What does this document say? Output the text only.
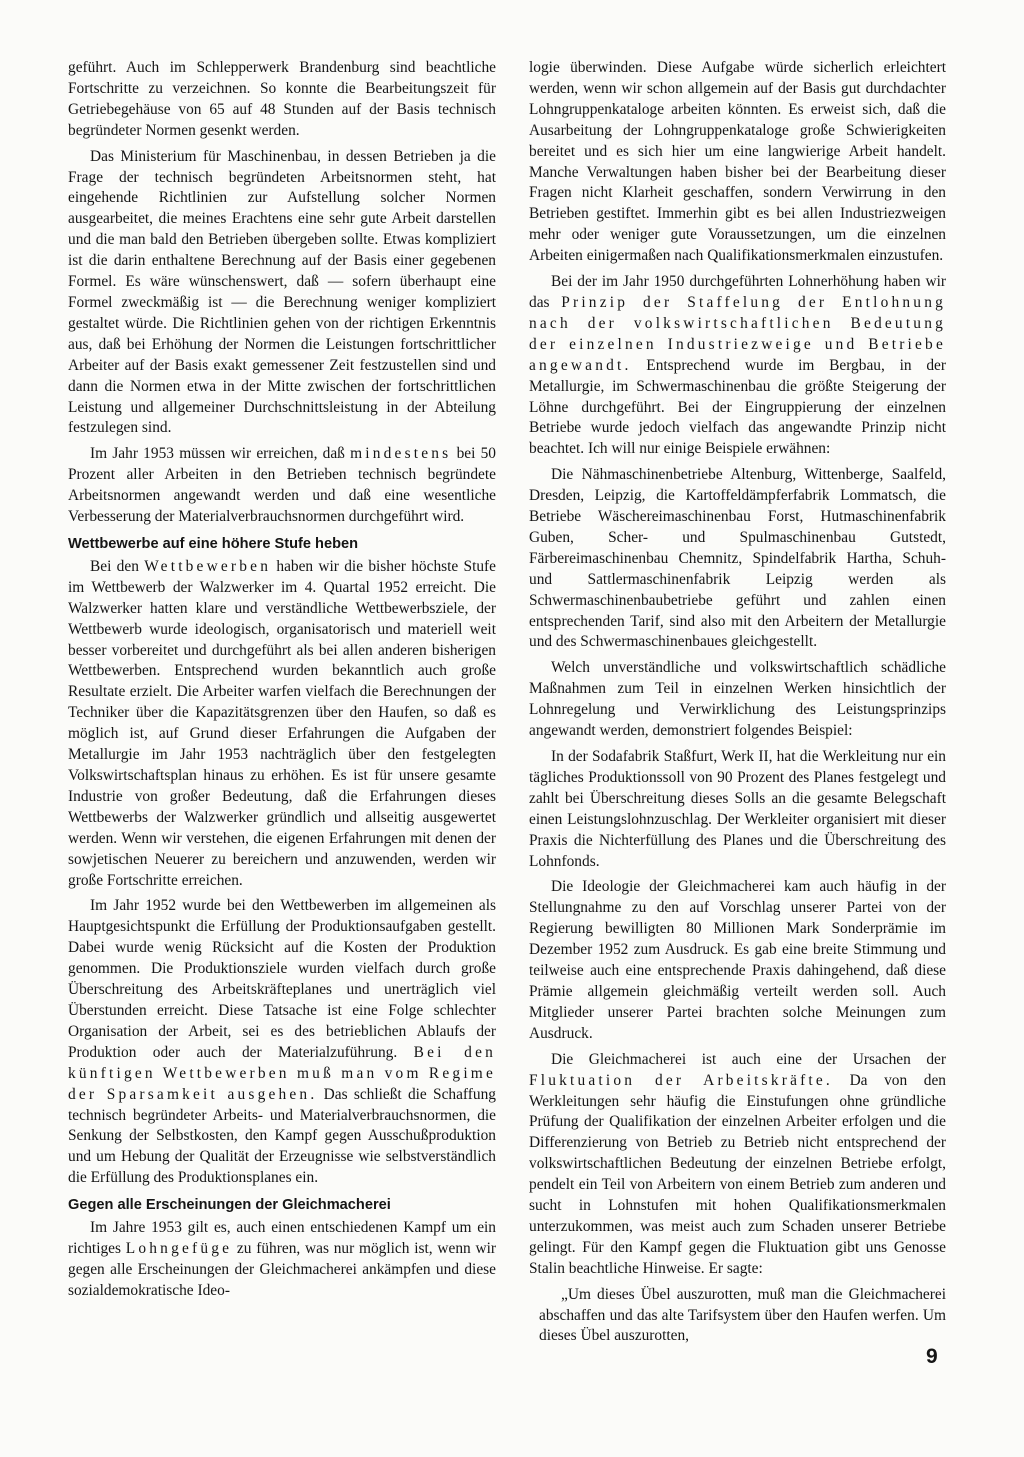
geführt. Auch im Schlepperwerk Brandenburg sind beachtliche Fortschritte zu verzeichnen. So konnte die Bearbeitungszeit für Getriebegehäuse von 65 auf 48 Stunden auf der Basis technisch begründeter Normen gesenkt werden.

Das Ministerium für Maschinenbau, in dessen Betrieben ja die Frage der technisch begründeten Arbeitsnormen steht, hat eingehende Richtlinien zur Aufstellung solcher Normen ausgearbeitet, die meines Erachtens eine sehr gute Arbeit darstellen und die man bald den Betrieben übergeben sollte. Etwas kompliziert ist die darin enthaltene Berechnung auf der Basis einer gegebenen Formel. Es wäre wünschenswert, daß — sofern überhaupt eine Formel zweckmäßig ist — die Berechnung weniger kompliziert gestaltet würde. Die Richtlinien gehen von der richtigen Erkenntnis aus, daß bei Erhöhung der Normen die Leistungen fortschrittlicher Arbeiter auf der Basis exakt gemessener Zeit festzustellen sind und dann die Normen etwa in der Mitte zwischen der fortschrittlichen Leistung und allgemeiner Durchschnittsleistung in der Abteilung festzulegen sind.

Im Jahr 1953 müssen wir erreichen, daß mindestens bei 50 Prozent aller Arbeiten in den Betrieben technisch begründete Arbeitsnormen angewandt werden und daß eine wesentliche Verbesserung der Materialverbrauchsnormen durchgeführt wird.

Wettbewerbe auf eine höhere Stufe heben

Bei den Wettbewerben haben wir die bisher höchste Stufe im Wettbewerb der Walzwerker im 4. Quartal 1952 erreicht. Die Walzwerker hatten klare und verständliche Wettbewerbsziele, der Wettbewerb wurde ideologisch, organisatorisch und materiell weit besser vorbereitet und durchgeführt als bei allen anderen bisherigen Wettbewerben. Entsprechend wurden bekanntlich auch große Resultate erzielt. Die Arbeiter warfen vielfach die Berechnungen der Techniker über die Kapazitätsgrenzen über den Haufen, so daß es möglich ist, auf Grund dieser Erfahrungen die Aufgaben der Metallurgie im Jahr 1953 nachträglich über den festgelegten Volkswirtschaftsplan hinaus zu erhöhen. Es ist für unsere gesamte Industrie von großer Bedeutung, daß die Erfahrungen dieses Wettbewerbs der Walzwerker gründlich und allseitig ausgewertet werden. Wenn wir verstehen, die eigenen Erfahrungen mit denen der sowjetischen Neuerer zu bereichern und anzuwenden, werden wir große Fortschritte erreichen.

Im Jahr 1952 wurde bei den Wettbewerben im allgemeinen als Hauptgesichtspunkt die Erfüllung der Produktionsaufgaben gestellt. Dabei wurde wenig Rücksicht auf die Kosten der Produktion genommen. Die Produktionsziele wurden vielfach durch große Überschreitung des Arbeitskräfteplanes und unerträglich viel Überstunden erreicht. Diese Tatsache ist eine Folge schlechter Organisation der Arbeit, sei es des betrieblichen Ablaufs der Produktion oder auch der Materialzuführung. Bei den künftigen Wettbewerben muß man vom Regime der Sparsamkeit ausgehen. Das schließt die Schaffung technisch begründeter Arbeits- und Materialverbrauchsnormen, die Senkung der Selbstkosten, den Kampf gegen Ausschußproduktion und um Hebung der Qualität der Erzeugnisse wie selbstverständlich die Erfüllung des Produktionsplanes ein.

Gegen alle Erscheinungen der Gleichmacherei

Im Jahre 1953 gilt es, auch einen entschiedenen Kampf um ein richtiges Lohngefüge zu führen, was nur möglich ist, wenn wir gegen alle Erscheinungen der Gleichmacherei ankämpfen und diese sozialdemokratische Ideo-

logie überwinden. Diese Aufgabe würde sicherlich erleichtert werden, wenn wir schon allgemein auf der Basis gut durchdachter Lohngruppenkataloge arbeiten könnten. Es erweist sich, daß die Ausarbeitung der Lohngruppenkataloge große Schwierigkeiten bereitet und es sich hier um eine langwierige Arbeit handelt. Manche Verwaltungen haben bisher bei der Bearbeitung dieser Fragen nicht Klarheit geschaffen, sondern Verwirrung in den Betrieben gestiftet. Immerhin gibt es bei allen Industriezweigen mehr oder weniger gute Voraussetzungen, um die einzelnen Arbeiten einigermaßen nach Qualifikationsmerkmalen einzustufen.

Bei der im Jahr 1950 durchgeführten Lohnerhöhung haben wir das Prinzip der Staffelung der Entlohnung nach der volkswirtschaftlichen Bedeutung der einzelnen Industriezweige und Betriebe angewandt. Entsprechend wurde im Bergbau, in der Metallurgie, im Schwermaschinenbau die größte Steigerung der Löhne durchgeführt. Bei der Eingruppierung der einzelnen Betriebe wurde jedoch vielfach das angewandte Prinzip nicht beachtet. Ich will nur einige Beispiele erwähnen:

Die Nähmaschinenbetriebe Altenburg, Wittenberge, Saalfeld, Dresden, Leipzig, die Kartoffeldämpferfabrik Lommatsch, die Betriebe Wäschereimaschinenbau Forst, Hutmaschinenfabrik Guben, Scher- und Spulmaschinenbau Gutstedt, Färbereimaschinenbau Chemnitz, Spindelfabrik Hartha, Schuh- und Sattlermaschinenfabrik Leipzig werden als Schwermaschinenbaubetriebe geführt und zahlen einen entsprechenden Tarif, sind also mit den Arbeitern der Metallurgie und des Schwermaschinenbaues gleichgestellt.

Welch unverständliche und volkswirtschaftlich schädliche Maßnahmen zum Teil in einzelnen Werken hinsichtlich der Lohnregelung und Verwirklichung des Leistungsprinzips angewandt werden, demonstriert folgendes Beispiel:

In der Sodafabrik Staßfurt, Werk II, hat die Werkleitung nur ein tägliches Produktionssoll von 90 Prozent des Planes festgelegt und zahlt bei Überschreitung dieses Solls an die gesamte Belegschaft einen Leistungslohnzuschlag. Der Werkleiter organisiert mit dieser Praxis die Nichterfüllung des Planes und die Überschreitung des Lohnfonds.

Die Ideologie der Gleichmacherei kam auch häufig in der Stellungnahme zu den auf Vorschlag unserer Partei von der Regierung bewilligten 80 Millionen Mark Sonderprämie im Dezember 1952 zum Ausdruck. Es gab eine breite Stimmung und teilweise auch eine entsprechende Praxis dahingehend, daß diese Prämie allgemein gleichmäßig verteilt werden soll. Auch Mitglieder unserer Partei brachten solche Meinungen zum Ausdruck.

Die Gleichmacherei ist auch eine der Ursachen der Fluktuation der Arbeitskräfte. Da von den Werkleitungen sehr häufig die Einstufungen ohne gründliche Prüfung der Qualifikation der einzelnen Arbeiter erfolgen und die Differenzierung von Betrieb zu Betrieb nicht entsprechend der volkswirtschaftlichen Bedeutung der einzelnen Betriebe erfolgt, pendelt ein Teil von Arbeitern von einem Betrieb zum anderen und sucht in Lohnstufen mit hohen Qualifikationsmerkmalen unterzukommen, was meist auch zum Schaden unserer Betriebe gelingt. Für den Kampf gegen die Fluktuation gibt uns Genosse Stalin beachtliche Hinweise. Er sagte:

„Um dieses Übel auszurotten, muß man die Gleichmacherei abschaffen und das alte Tarifsystem über den Haufen werfen. Um dieses Übel auszurotten,

9
